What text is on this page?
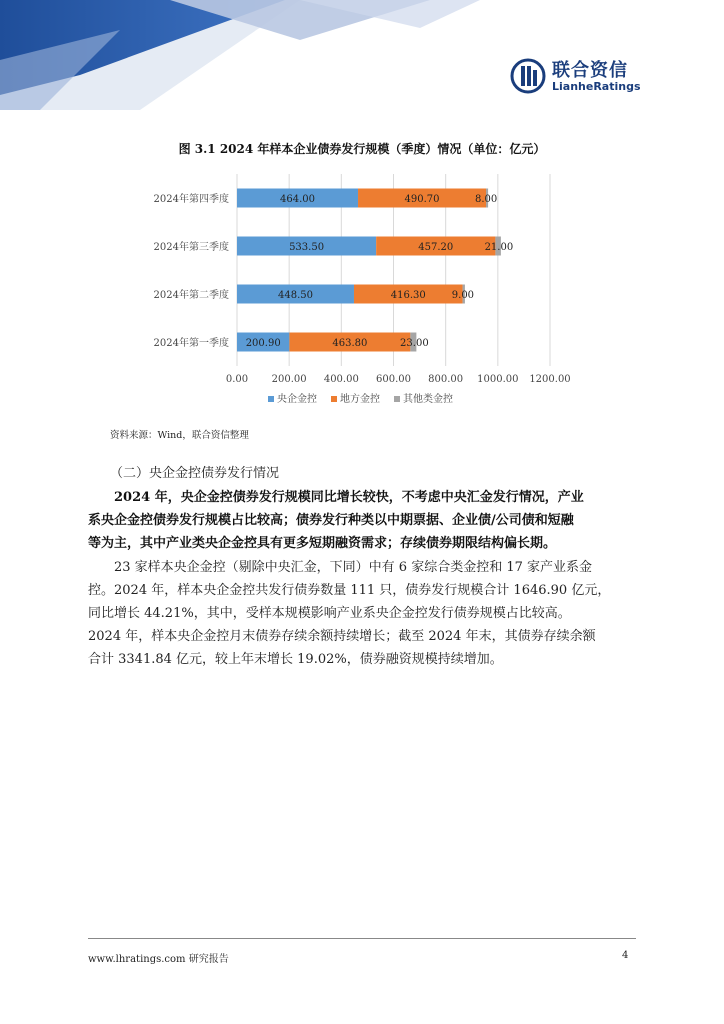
联合资信
LianheRatings
图 3.1 2024 年样本企业债券发行规模（季度）情况（单位：亿元）
0.00 200.00 400.00 600.00 800.00 1000.00 1200.00
2024年第四季度	464.00	490.70	8.00
2024年第三季度	533.50	457.20	21.00
2024年第二季度	448.50	416.30	9.00
2024年第一季度 200.90	463.80	23.00
央企金控 地方金控 其他类金控
资料来源：Wind，联合资信整理
（二）央企金控债券发行情况
2024 年，央企金控债券发行规模同比增长较快，不考虑中央汇金发行情况，产业
系央企金控债券发行规模占比较高；债券发行种类以中期票据、企业债/公司债和短融
等为主，其中产业类央企金控具有更多短期融资需求；存续债券期限结构偏长期。
23 家样本央企金控（剔除中央汇金，下同）中有 6 家综合类金控和 17 家产业系金
控。2024 年，样本央企金控共发行债券数量 111 只，债券发行规模合计 1646.90 亿元，
同比增长 44.21%，其中，受样本规模影响产业系央企金控发行债券规模占比较高。
2024 年，样本央企金控月末债券存续余额持续增长；截至 2024 年末，其债券存续余额
合计 3341.84 亿元，较上年末增长 19.02%，债券融资规模持续增加。
www.lhratings.com 研究报告	4
